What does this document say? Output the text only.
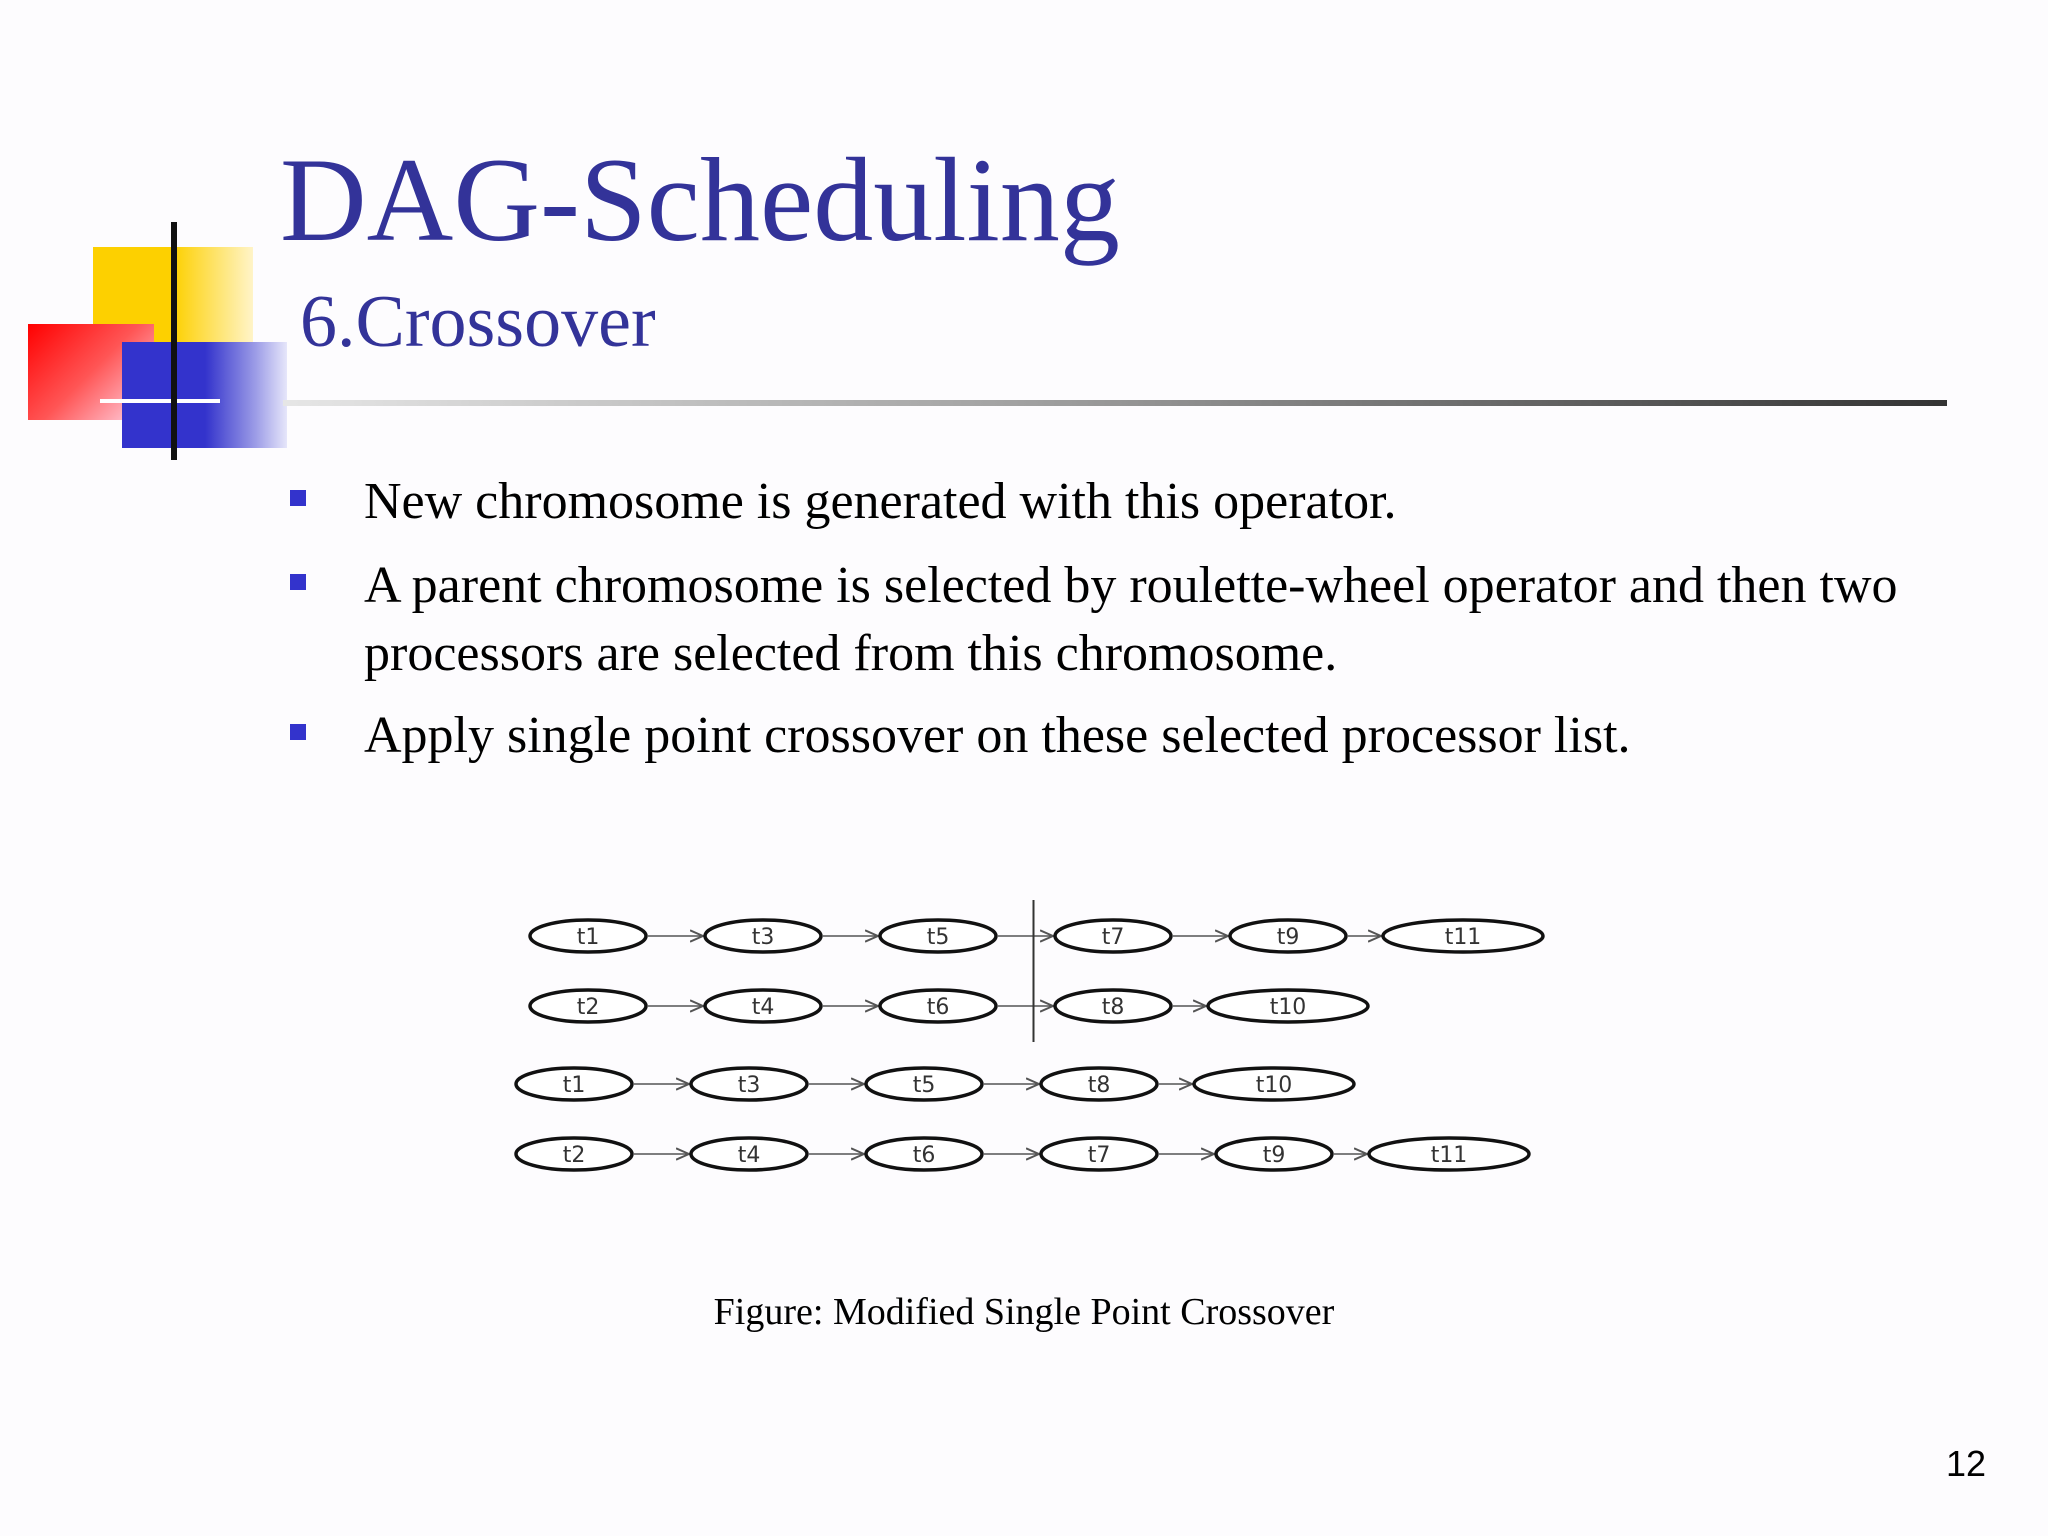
DAG-Scheduling
6.Crossover
New chromosome is generated with this operator.
A parent chromosome is selected by roulette-wheel operator and then two processors are selected from this chromosome.
Apply single point crossover on these selected processor list.
t1	t3	t5	t7	t9	t11
t2	t4	t6	t8	t10
t1	t3	t5	t8	t10
t2	t4	t6	t7	t9	t11
Figure: Modified Single Point Crossover
12
